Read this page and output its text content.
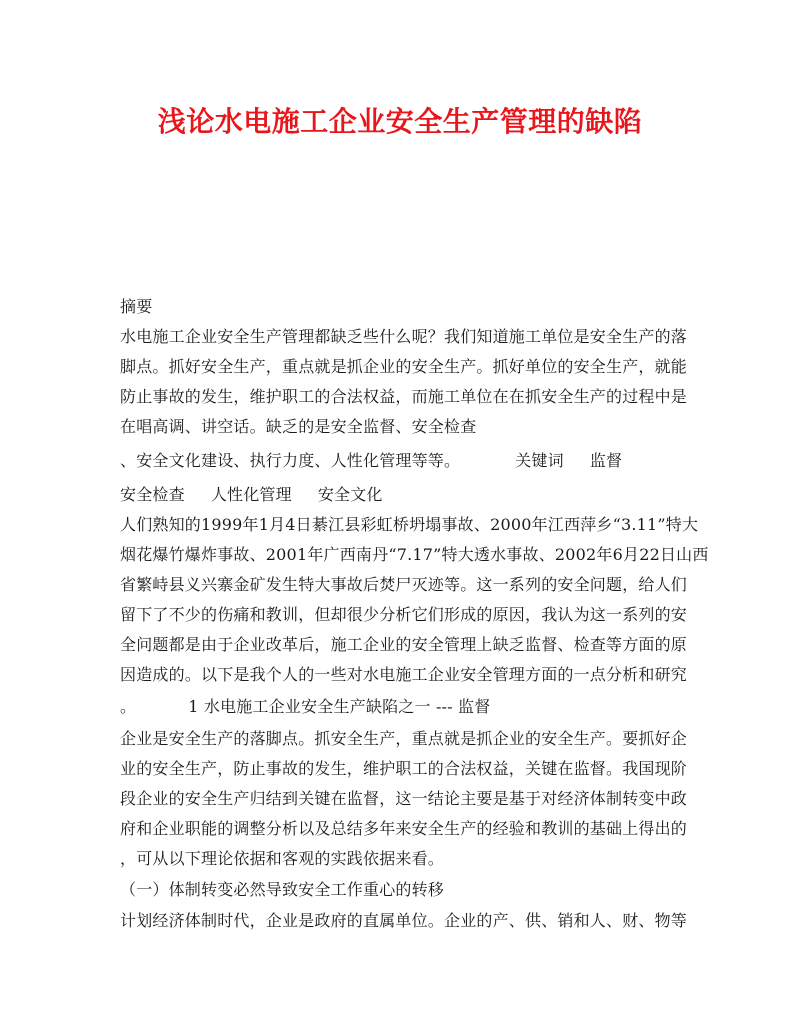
浅论水电施工企业安全生产管理的缺陷
摘要
水电施工企业安全生产管理都缺乏些什么呢？我们知道施工单位是安全生产的落
脚点。抓好安全生产，重点就是抓企业的安全生产。抓好单位的安全生产，就能
防止事故的发生，维护职工的合法权益，而施工单位在在抓安全生产的过程中是
在唱高调、讲空话。缺乏的是安全监督、安全检查
、安全文化建设、执行力度、人性化管理等等。	关键词 监督
安全检查 人性化管理 安全文化
人们熟知的1999年1月4日綦江县彩虹桥坍塌事故、2000年江西萍乡“3.11”特大
烟花爆竹爆炸事故、2001年广西南丹“7.17”特大透水事故、2002年6月22日山西
省繁峙县义兴寨金矿发生特大事故后焚尸灭迹等。这一系列的安全问题，给人们
留下了不少的伤痛和教训，但却很少分析它们形成的原因，我认为这一系列的安
全问题都是由于企业改革后，施工企业的安全管理上缺乏监督、检查等方面的原
因造成的。以下是我个人的一些对水电施工企业安全管理方面的一点分析和研究
。	1 水电施工企业安全生产缺陷之一 --- 监督
企业是安全生产的落脚点。抓安全生产，重点就是抓企业的安全生产。要抓好企
业的安全生产，防止事故的发生，维护职工的合法权益，关键在监督。我国现阶
段企业的安全生产归结到关键在监督，这一结论主要是基于对经济体制转变中政
府和企业职能的调整分析以及总结多年来安全生产的经验和教训的基础上得出的
，可从以下理论依据和客观的实践依据来看。
（一）体制转变必然导致安全工作重心的转移
计划经济体制时代，企业是政府的直属单位。企业的产、供、销和人、财、物等
